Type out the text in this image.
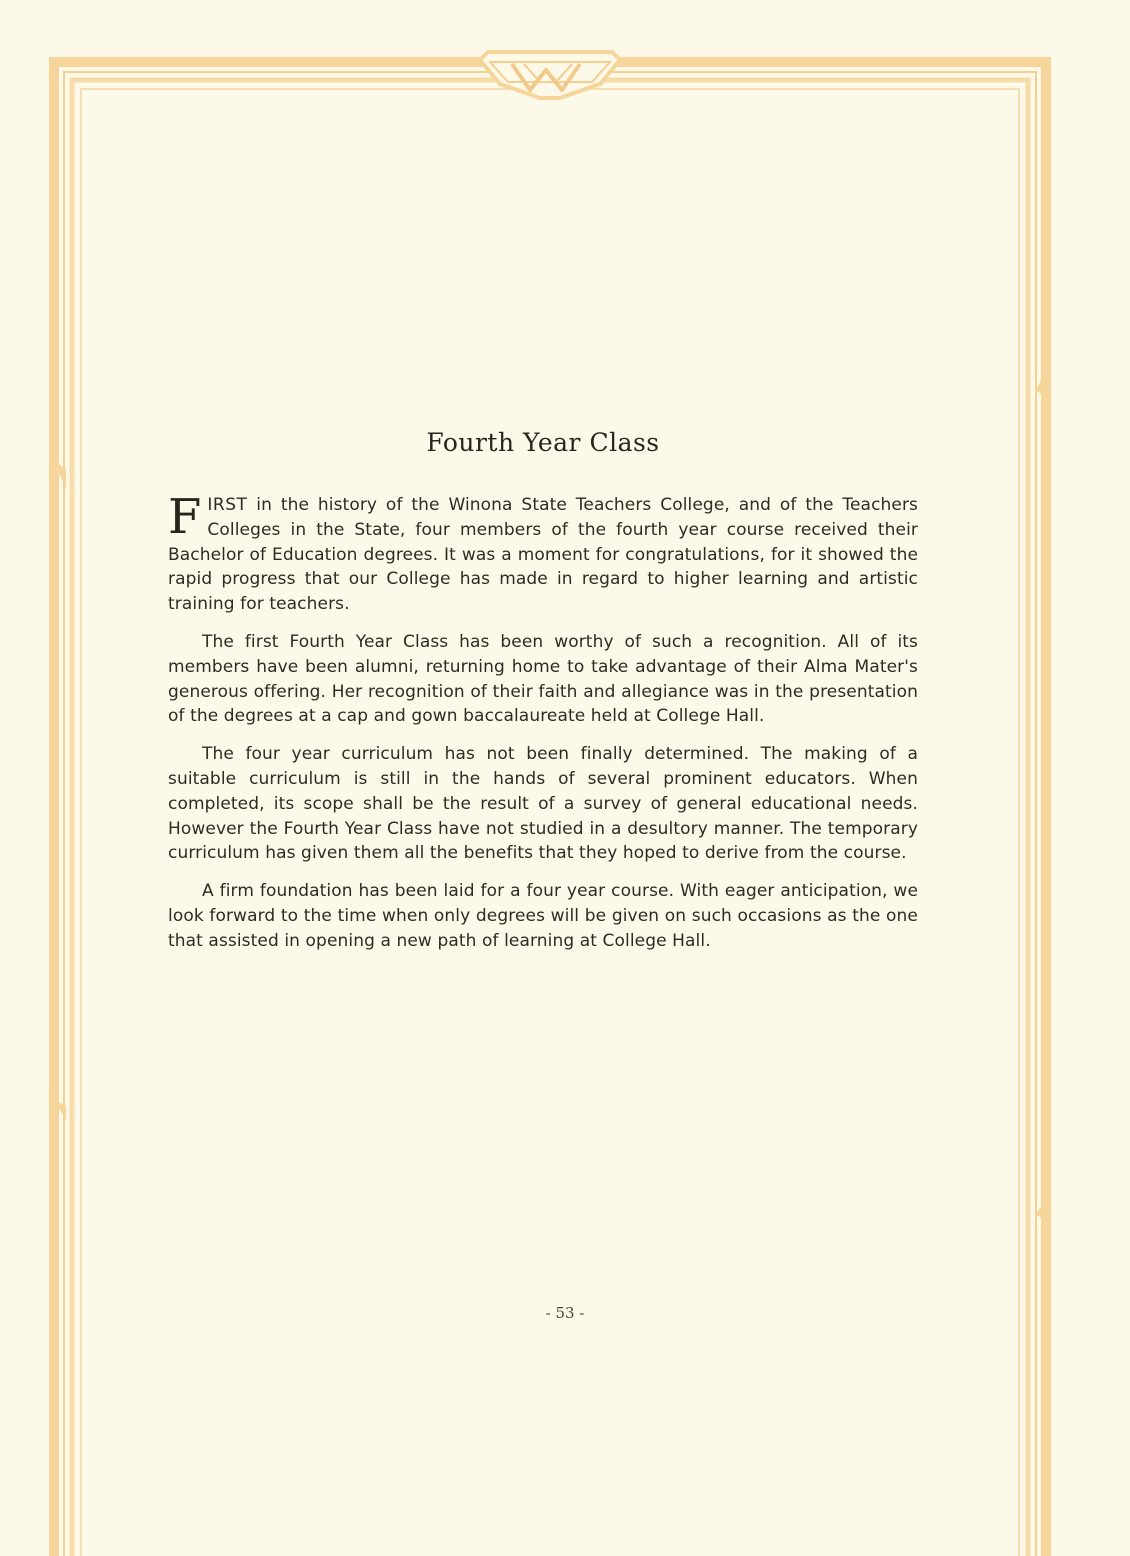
Fourth Year Class

FIRST in the history of the Winona State Teachers College, and of the Teachers Colleges in the State, four members of the fourth year course received their Bachelor of Education degrees. It was a moment for congratulations, for it showed the rapid progress that our College has made in regard to higher learning and artistic training for teachers.

The first Fourth Year Class has been worthy of such a recognition. All of its members have been alumni, returning home to take advantage of their Alma Mater's generous offering. Her recognition of their faith and allegiance was in the presentation of the degrees at a cap and gown baccalaureate held at College Hall.

The four year curriculum has not been finally determined. The making of a suitable curriculum is still in the hands of several prominent educators. When completed, its scope shall be the result of a survey of general educational needs. However the Fourth Year Class have not studied in a desultory manner. The temporary curriculum has given them all the benefits that they hoped to derive from the course.

A firm foundation has been laid for a four year course. With eager anticipation, we look forward to the time when only degrees will be given on such occasions as the one that assisted in opening a new path of learning at College Hall.

- 53 -
